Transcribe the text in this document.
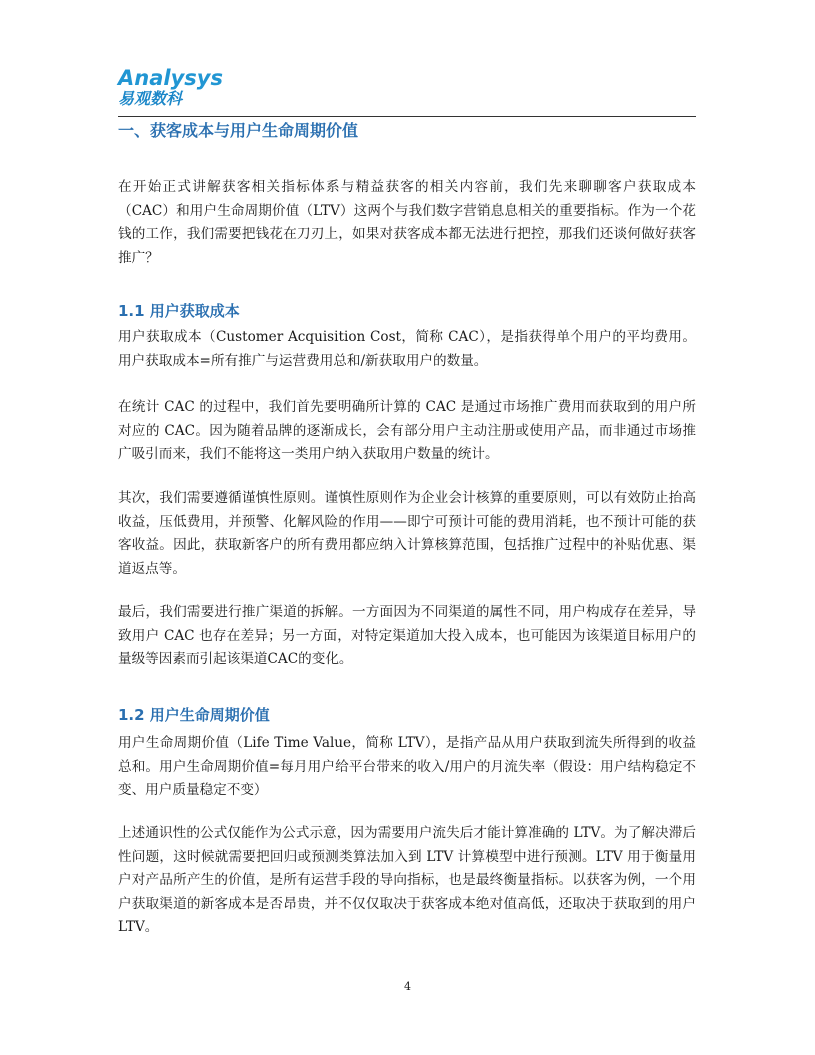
Analysys
易观数科
一、获客成本与用户生命周期价值

在开始正式讲解获客相关指标体系与精益获客的相关内容前，我们先来聊聊客户获取成本（CAC）和用户生命周期价值（LTV）这两个与我们数字营销息息相关的重要指标。作为一个花钱的工作，我们需要把钱花在刀刃上，如果对获客成本都无法进行把控，那我们还谈何做好获客推广？

1.1 用户获取成本

用户获取成本（Customer Acquisition Cost，简称 CAC），是指获得单个用户的平均费用。用户获取成本=所有推广与运营费用总和/新获取用户的数量。

在统计 CAC 的过程中，我们首先要明确所计算的 CAC 是通过市场推广费用而获取到的用户所对应的 CAC。因为随着品牌的逐渐成长，会有部分用户主动注册或使用产品，而非通过市场推广吸引而来，我们不能将这一类用户纳入获取用户数量的统计。

其次，我们需要遵循谨慎性原则。谨慎性原则作为企业会计核算的重要原则，可以有效防止抬高收益，压低费用，并预警、化解风险的作用——即宁可预计可能的费用消耗，也不预计可能的获客收益。因此，获取新客户的所有费用都应纳入计算核算范围，包括推广过程中的补贴优惠、渠道返点等。

最后，我们需要进行推广渠道的拆解。一方面因为不同渠道的属性不同，用户构成存在差异，导致用户 CAC 也存在差异；另一方面，对特定渠道加大投入成本，也可能因为该渠道目标用户的量级等因素而引起该渠道CAC的变化。

1.2 用户生命周期价值

用户生命周期价值（Life Time Value，简称 LTV），是指产品从用户获取到流失所得到的收益总和。用户生命周期价值=每月用户给平台带来的收入/用户的月流失率（假设：用户结构稳定不变、用户质量稳定不变）

上述通识性的公式仅能作为公式示意，因为需要用户流失后才能计算准确的 LTV。为了解决滞后性问题，这时候就需要把回归或预测类算法加入到 LTV 计算模型中进行预测。LTV 用于衡量用户对产品所产生的价值，是所有运营手段的导向指标，也是最终衡量指标。以获客为例，一个用户获取渠道的新客成本是否昂贵，并不仅仅取决于获客成本绝对值高低，还取决于获取到的用户 LTV。

4
